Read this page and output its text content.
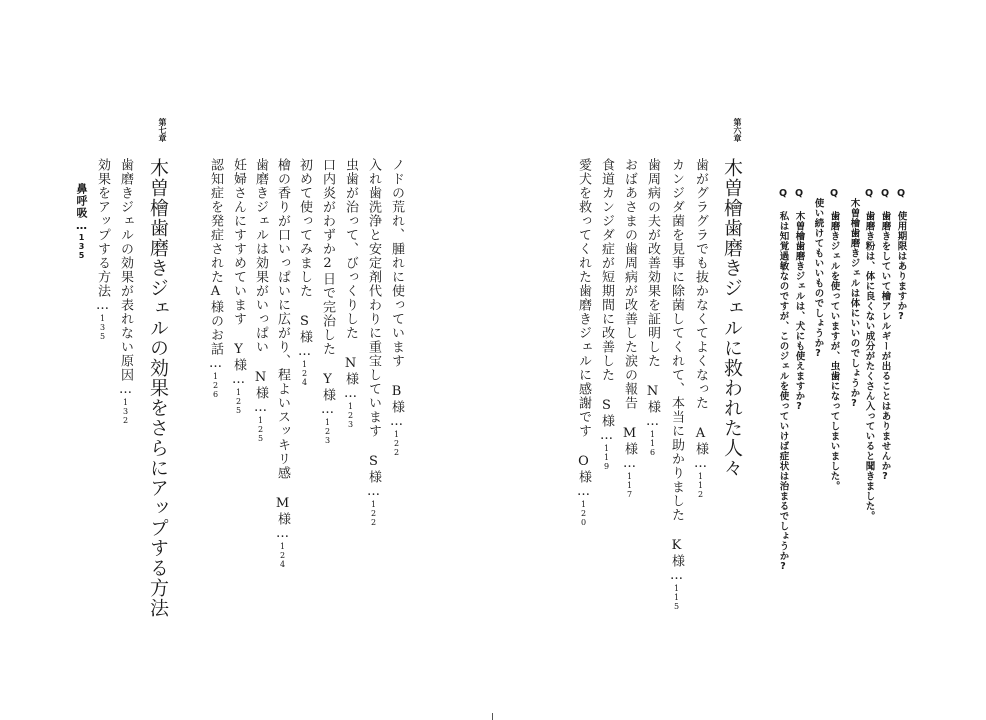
Q 使用期限はありますか?
Q 歯磨きをしていて檜アレルギーが出ることはありませんか?
Q 歯磨き粉は、体に良くない成分がたくさん入っていると聞きました。
木曽檜歯磨きジェルは体にいいのでしょうか?
Q 歯磨きジェルを使っていますが、虫歯になってしまいました。
使い続けてもいいものでしょうか?
Q 木曽檜歯磨きジェルは、犬にも使えますか?
Q 私は知覚過敏なのですが、このジェルを使っていけば症状は治まるでしょうか?
第六章
木曽檜歯磨きジェルに救われた人々
歯がグラグラでも抜かなくてよくなった A様…112
カンジダ菌を見事に除菌してくれて、本当に助かりました K様…115
歯周病の夫が改善効果を証明した N様…116
おばあさまの歯周病が改善した涙の報告 M様…117
食道カンジダ症が短期間に改善した S様…119
愛犬を救ってくれた歯磨きジェルに感謝です O様…120
ノドの荒れ、腫れに使っています B様…122
入れ歯洗浄と安定剤代わりに重宝しています S様…122
虫歯が治って、びっくりした N様…123
口内炎がわずか2日で完治した Y様…123
初めて使ってみました S様…124
檜の香りが口いっぱいに広がり、程よいスッキリ感 M様…124
歯磨きジェルは効果がいっぱい N様…125
妊婦さんにすすめています Y様…125
認知症を発症されたA様のお話…126
第七章
木曽檜歯磨きジェルの効果をさらにアップする方法
歯磨きジェルの効果が表れない原因…132
効果をアップする方法…135
鼻呼吸…135
